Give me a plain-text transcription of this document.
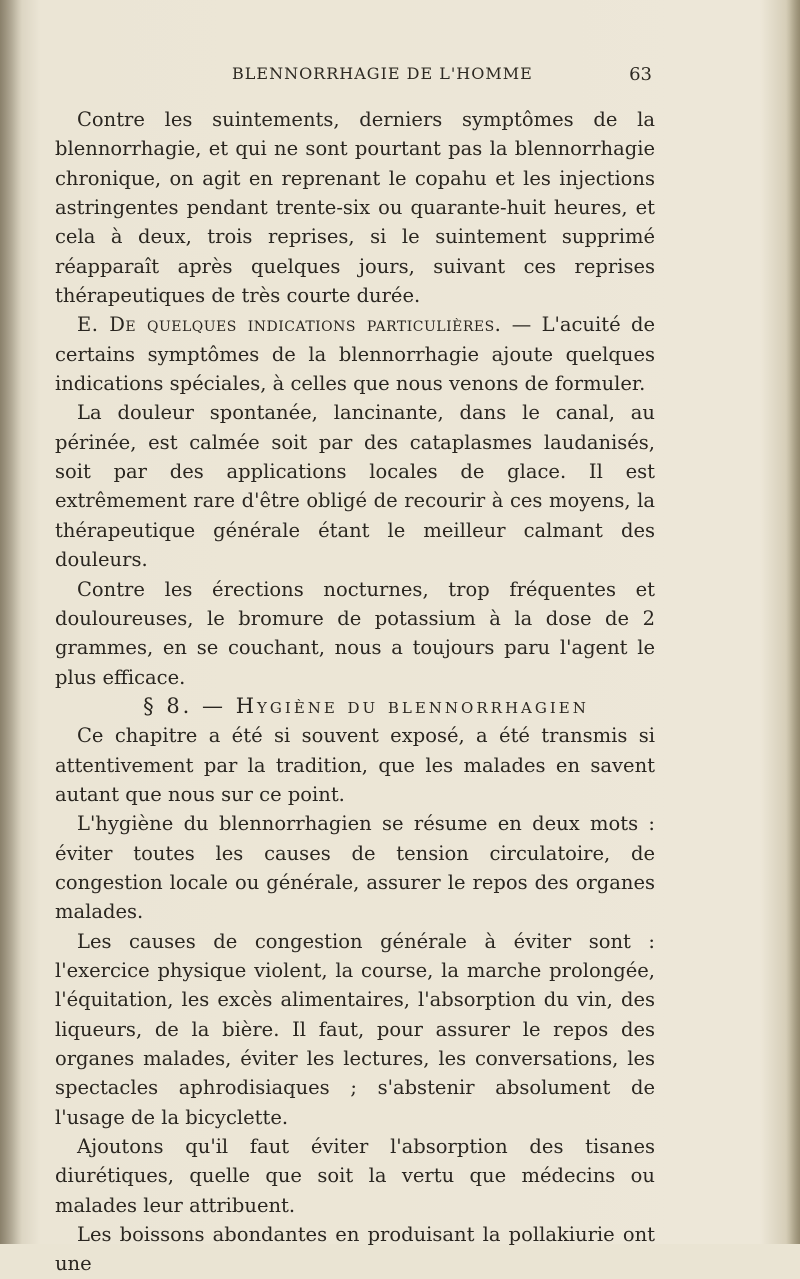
BLENNORRHAGIE DE L'HOMME	63

Contre les suintements, derniers symptômes de la blennorrhagie, et qui ne sont pourtant pas la blennorrhagie chronique, on agit en reprenant le copahu et les injections astringentes pendant trente-six ou quarante-huit heures, et cela à deux, trois reprises, si le suintement supprimé réapparaît après quelques jours, suivant ces reprises thérapeutiques de très courte durée.

E. De quelques indications particulières. — L'acuité de certains symptômes de la blennorrhagie ajoute quelques indications spéciales, à celles que nous venons de formuler.

La douleur spontanée, lancinante, dans le canal, au périnée, est calmée soit par des cataplasmes laudanisés, soit par des applications locales de glace. Il est extrêmement rare d'être obligé de recourir à ces moyens, la thérapeutique générale étant le meilleur calmant des douleurs.

Contre les érections nocturnes, trop fréquentes et douloureuses, le bromure de potassium à la dose de 2 grammes, en se couchant, nous a toujours paru l'agent le plus efficace.

§ 8. — Hygiène du blennorrhagien

Ce chapitre a été si souvent exposé, a été transmis si attentivement par la tradition, que les malades en savent autant que nous sur ce point.

L'hygiène du blennorrhagien se résume en deux mots : éviter toutes les causes de tension circulatoire, de congestion locale ou générale, assurer le repos des organes malades.

Les causes de congestion générale à éviter sont : l'exercice physique violent, la course, la marche prolongée, l'équitation, les excès alimentaires, l'absorption du vin, des liqueurs, de la bière. Il faut, pour assurer le repos des organes malades, éviter les lectures, les conversations, les spectacles aphrodisiaques ; s'abstenir absolument de l'usage de la bicyclette.

Ajoutons qu'il faut éviter l'absorption des tisanes diurétiques, quelle que soit la vertu que médecins ou malades leur attribuent.

Les boissons abondantes en produisant la pollakiurie ont une
